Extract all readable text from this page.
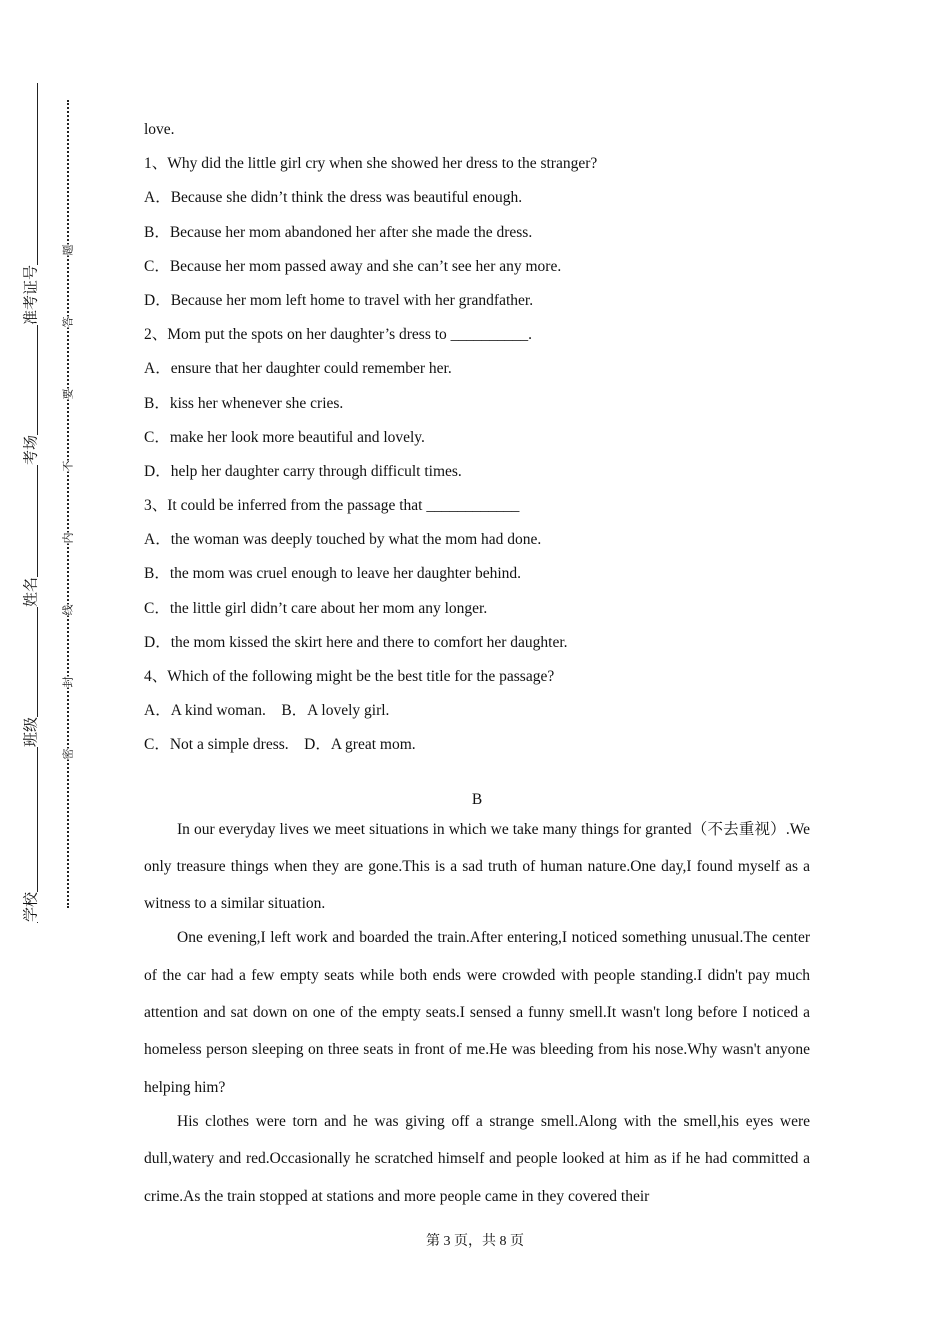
准考证号
考场
姓名
班级
学校
题
答
要
不
内
线
封
密
love.
1、Why did the little girl cry when she showed her dress to the stranger?
A．Because she didn’t think the dress was beautiful enough.
B．Because her mom abandoned her after she made the dress.
C．Because her mom passed away and she can’t see her any more.
D．Because her mom left home to travel with her grandfather.
2、Mom put the spots on her daughter’s dress to __________.
A．ensure that her daughter could remember her.
B．kiss her whenever she cries.
C．make her look more beautiful and lovely.
D．help her daughter carry through difficult times.
3、It could be inferred from the passage that ____________
A．the woman was deeply touched by what the mom had done.
B．the mom was cruel enough to leave her daughter behind.
C．the little girl didn’t care about her mom any longer.
D．the mom kissed the skirt here and there to comfort her daughter.
4、Which of the following might be the best title for the passage?
A．A kind woman.　B．A lovely girl.
C．Not a simple dress.　D．A great mom.
B

In our everyday lives we meet situations in which we take many things for granted（不去重视）.We only treasure things when they are gone.This is a sad truth of human nature.One day,I found myself as a witness to a similar situation.

One evening,I left work and boarded the train.After entering,I noticed something unusual.The center of the car had a few empty seats while both ends were crowded with people standing.I didn't pay much attention and sat down on one of the empty seats.I sensed a funny smell.It wasn't long before I noticed a homeless person sleeping on three seats in front of me.He was bleeding from his nose.Why wasn't anyone helping him?

His clothes were torn and he was giving off a strange smell.Along with the smell,his eyes were dull,watery and red.Occasionally he scratched himself and people looked at him as if he had committed a crime.As the train stopped at stations and more people came in they covered their

第 3 页，共 8 页
